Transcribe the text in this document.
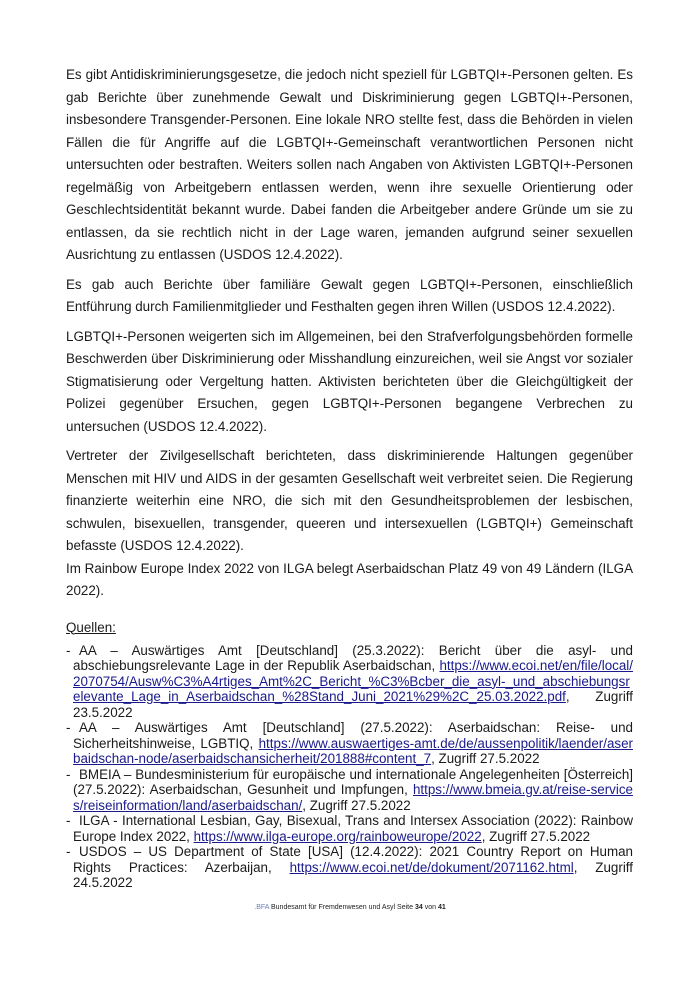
Es gibt Antidiskriminierungsgesetze, die jedoch nicht speziell für LGBTQI+-Personen gelten. Es gab Berichte über zunehmende Gewalt und Diskriminierung gegen LGBTQI+-Personen, insbesondere Transgender-Personen. Eine lokale NRO stellte fest, dass die Behörden in vielen Fällen die für Angriffe auf die LGBTQI+-Gemeinschaft verantwortlichen Personen nicht untersuchten oder bestraften. Weiters sollen nach Angaben von Aktivisten LGBTQI+-Personen regelmäßig von Arbeitgebern entlassen werden, wenn ihre sexuelle Orientierung oder Geschlechtsidentität bekannt wurde. Dabei fanden die Arbeitgeber andere Gründe um sie zu entlassen, da sie rechtlich nicht in der Lage waren, jemanden aufgrund seiner sexuellen Ausrichtung zu entlassen (USDOS 12.4.2022).

Es gab auch Berichte über familiäre Gewalt gegen LGBTQI+-Personen, einschließlich Entführung durch Familienmitglieder und Festhalten gegen ihren Willen (USDOS 12.4.2022).

LGBTQI+-Personen weigerten sich im Allgemeinen, bei den Strafverfolgungsbehörden formelle Beschwerden über Diskriminierung oder Misshandlung einzureichen, weil sie Angst vor sozialer Stigmatisierung oder Vergeltung hatten. Aktivisten berichteten über die Gleichgültigkeit der Polizei gegenüber Ersuchen, gegen LGBTQI+-Personen begangene Verbrechen zu untersuchen (USDOS 12.4.2022).

Vertreter der Zivilgesellschaft berichteten, dass diskriminierende Haltungen gegenüber Menschen mit HIV und AIDS in der gesamten Gesellschaft weit verbreitet seien. Die Regierung finanzierte weiterhin eine NRO, die sich mit den Gesundheitsproblemen der lesbischen, schwulen, bisexuellen, transgender, queeren und intersexuellen (LGBTQI+) Gemeinschaft befasste (USDOS 12.4.2022).

Im Rainbow Europe Index 2022 von ILGA belegt Aserbaidschan Platz 49 von 49 Ländern (ILGA 2022).

Quellen:
- AA – Auswärtiges Amt [Deutschland] (25.3.2022): Bericht über die asyl- und abschiebungsrelevante Lage in der Republik Aserbaidschan, https://www.ecoi.net/en/file/local/2070754/Ausw%C3%A4rtiges_Amt%2C_Bericht_%C3%Bcber_die_asyl-_und_abschiebungsrelevante_Lage_in_Aserbaidschan_%28Stand_Juni_2021%29%2C_25.03.2022.pdf, Zugriff 23.5.2022
- AA – Auswärtiges Amt [Deutschland] (27.5.2022): Aserbaidschan: Reise- und Sicherheitshinweise, LGBTIQ, https://www.auswaertiges-amt.de/de/aussenpolitik/laender/aserbaidschan-node/aserbaidschansicherheit/201888#content_7, Zugriff 27.5.2022
- BMEIA – Bundesministerium für europäische und internationale Angelegenheiten [Österreich] (27.5.2022): Aserbaidschan, Gesunheit und Impfungen, https://www.bmeia.gv.at/reise-services/reiseinformation/land/aserbaidschan/, Zugriff 27.5.2022
- ILGA - International Lesbian, Gay, Bisexual, Trans and Intersex Association (2022): Rainbow Europe Index 2022, https://www.ilga-europe.org/rainboweurope/2022, Zugriff 27.5.2022
- USDOS – US Department of State [USA] (12.4.2022): 2021 Country Report on Human Rights Practices: Azerbaijan, https://www.ecoi.net/de/dokument/2071162.html, Zugriff 24.5.2022
.BFA Bundesamt für Fremdenwesen und Asyl Seite 34 von 41
